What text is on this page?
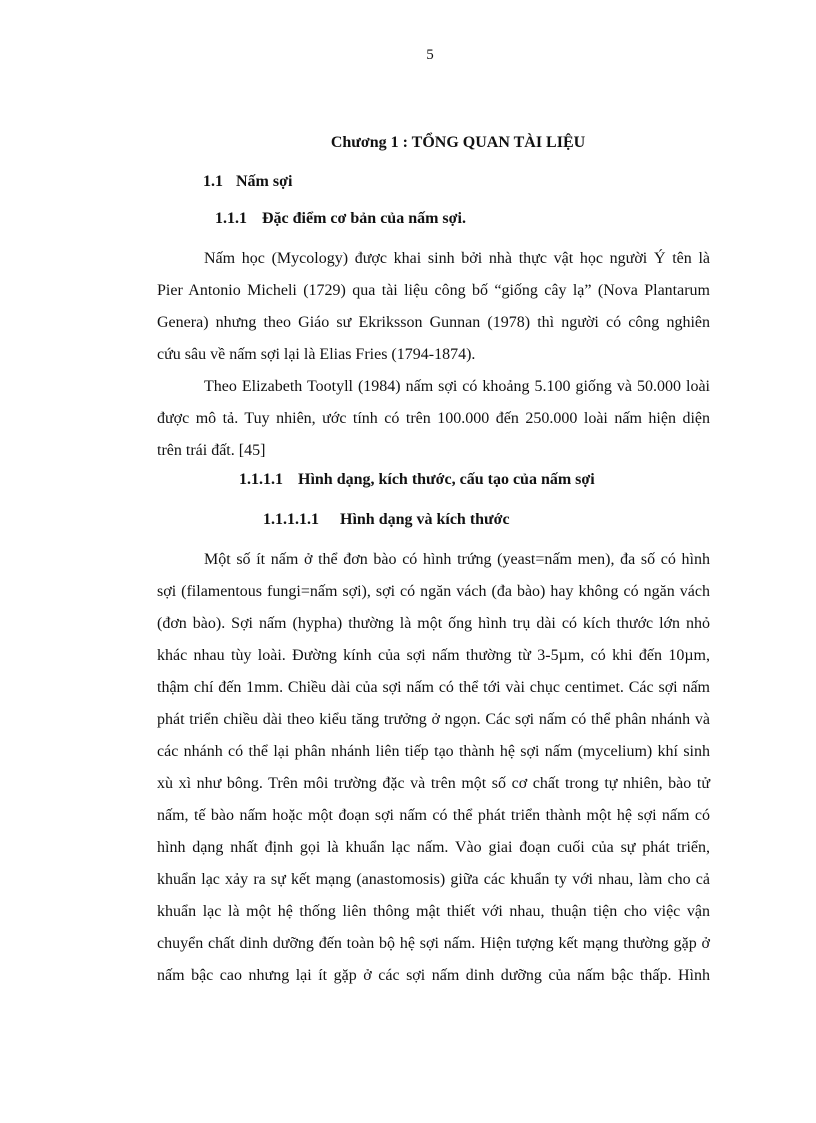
5
Chương 1 : TỔNG QUAN TÀI LIỆU
1.1 Nấm sợi
1.1.1 Đặc điểm cơ bản của nấm sợi.
Nấm học (Mycology) được khai sinh bởi nhà thực vật học người Ý tên là
Pier Antonio Micheli (1729) qua tài liệu công bố “giống cây lạ” (Nova Plantarum
Genera) nhưng theo Giáo sư Ekriksson Gunnan (1978) thì người có công nghiên
cứu sâu về nấm sợi lại là Elias Fries (1794-1874).
Theo Elizabeth Tootyll (1984) nấm sợi có khoảng 5.100 giống và 50.000 loài
được mô tả. Tuy nhiên, ước tính có trên 100.000 đến 250.000 loài nấm hiện diện
trên trái đất. [45]
1.1.1.1 Hình dạng, kích thước, cấu tạo của nấm sợi
1.1.1.1.1 Hình dạng và kích thước
Một số ít nấm ở thể đơn bào có hình trứng (yeast=nấm men), đa số có hình
sợi (filamentous fungi=nấm sợi), sợi có ngăn vách (đa bào) hay không có ngăn vách
(đơn bào). Sợi nấm (hypha) thường là một ống hình trụ dài có kích thước lớn nhỏ
khác nhau tùy loài. Đường kính của sợi nấm thường từ 3-5µm, có khi đến 10µm,
thậm chí đến 1mm. Chiều dài của sợi nấm có thể tới vài chục centimet. Các sợi nấm
phát triển chiều dài theo kiểu tăng trưởng ở ngọn. Các sợi nấm có thể phân nhánh và
các nhánh có thể lại phân nhánh liên tiếp tạo thành hệ sợi nấm (mycelium) khí sinh
xù xì như bông. Trên môi trường đặc và trên một số cơ chất trong tự nhiên, bào tử
nấm, tế bào nấm hoặc một đoạn sợi nấm có thể phát triển thành một hệ sợi nấm có
hình dạng nhất định gọi là khuẩn lạc nấm. Vào giai đoạn cuối của sự phát triển,
khuẩn lạc xảy ra sự kết mạng (anastomosis) giữa các khuẩn ty với nhau, làm cho cả
khuẩn lạc là một hệ thống liên thông mật thiết với nhau, thuận tiện cho việc vận
chuyển chất dinh dưỡng đến toàn bộ hệ sợi nấm. Hiện tượng kết mạng thường gặp ở
nấm bậc cao nhưng lại ít gặp ở các sợi nấm dinh dưỡng của nấm bậc thấp. Hình
